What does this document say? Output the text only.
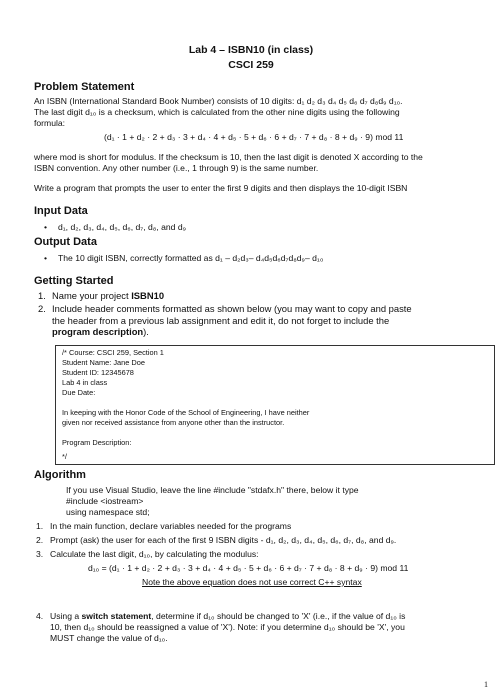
Lab 4 – ISBN10 (in class)
CSCI 259
Problem Statement
An ISBN (International Standard Book Number) consists of 10 digits: d₁ d₂ d₃ d₄ d₅ d₆ d₇ d₈d₉ d₁₀.
The last digit d₁₀ is a checksum, which is calculated from the other nine digits using the following
formula:
(d₁ · 1 + d₂ · 2 + d₃ · 3 + d₄ · 4 + d₅ · 5 + d₆ · 6 + d₇ · 7 + d₈ · 8 + d₉ · 9) mod 11
where mod is short for modulus. If the checksum is 10, then the last digit is denoted X according to the
ISBN convention. Any other number (i.e., 1 through 9) is the same number.
Write a program that prompts the user to enter the first 9 digits and then displays the 10-digit ISBN
Input Data
• d₁, d₂, d₃, d₄, d₅, d₆, d₇, d₈, and d₉
Output Data
• The 10 digit ISBN, correctly formatted as d₁ – d₂d₃– d₄d₅d₆d₇d₈d₉– d₁₀
Getting Started
1. Name your project ISBN10
2. Include header comments formatted as shown below (you may want to copy and paste
the header from a previous lab assignment and edit it, do not forget to include the
program description).
/* Course: CSCI 259, Section 1
Student Name: Jane Doe
Student ID: 12345678
Lab 4 in class
Due Date:
In keeping with the Honor Code of the School of Engineering, I have neither
given nor received assistance from anyone other than the instructor.
Program Description:
*/
Algorithm
If you use Visual Studio, leave the line #include "stdafx.h" there, below it type
#include <iostream>
using namespace std;
1. In the main function, declare variables needed for the programs
2. Prompt (ask) the user for each of the first 9 ISBN digits - d₁, d₂, d₃, d₄, d₅, d₆, d₇, d₈, and d₉.
3. Calculate the last digit, d₁₀, by calculating the modulus:
d₁₀ = (d₁ · 1 + d₂ · 2 + d₃ · 3 + d₄ · 4 + d₅ · 5 + d₆ · 6 + d₇ · 7 + d₈ · 8 + d₉ · 9) mod 11
Note the above equation does not use correct C++ syntax
4. Using a switch statement, determine if d₁₀ should be changed to 'X' (i.e., if the value of d₁₀ is
10, then d₁₀ should be reassigned a value of 'X'). Note: if you determine d₁₀ should be 'X', you
MUST change the value of d₁₀.
1
